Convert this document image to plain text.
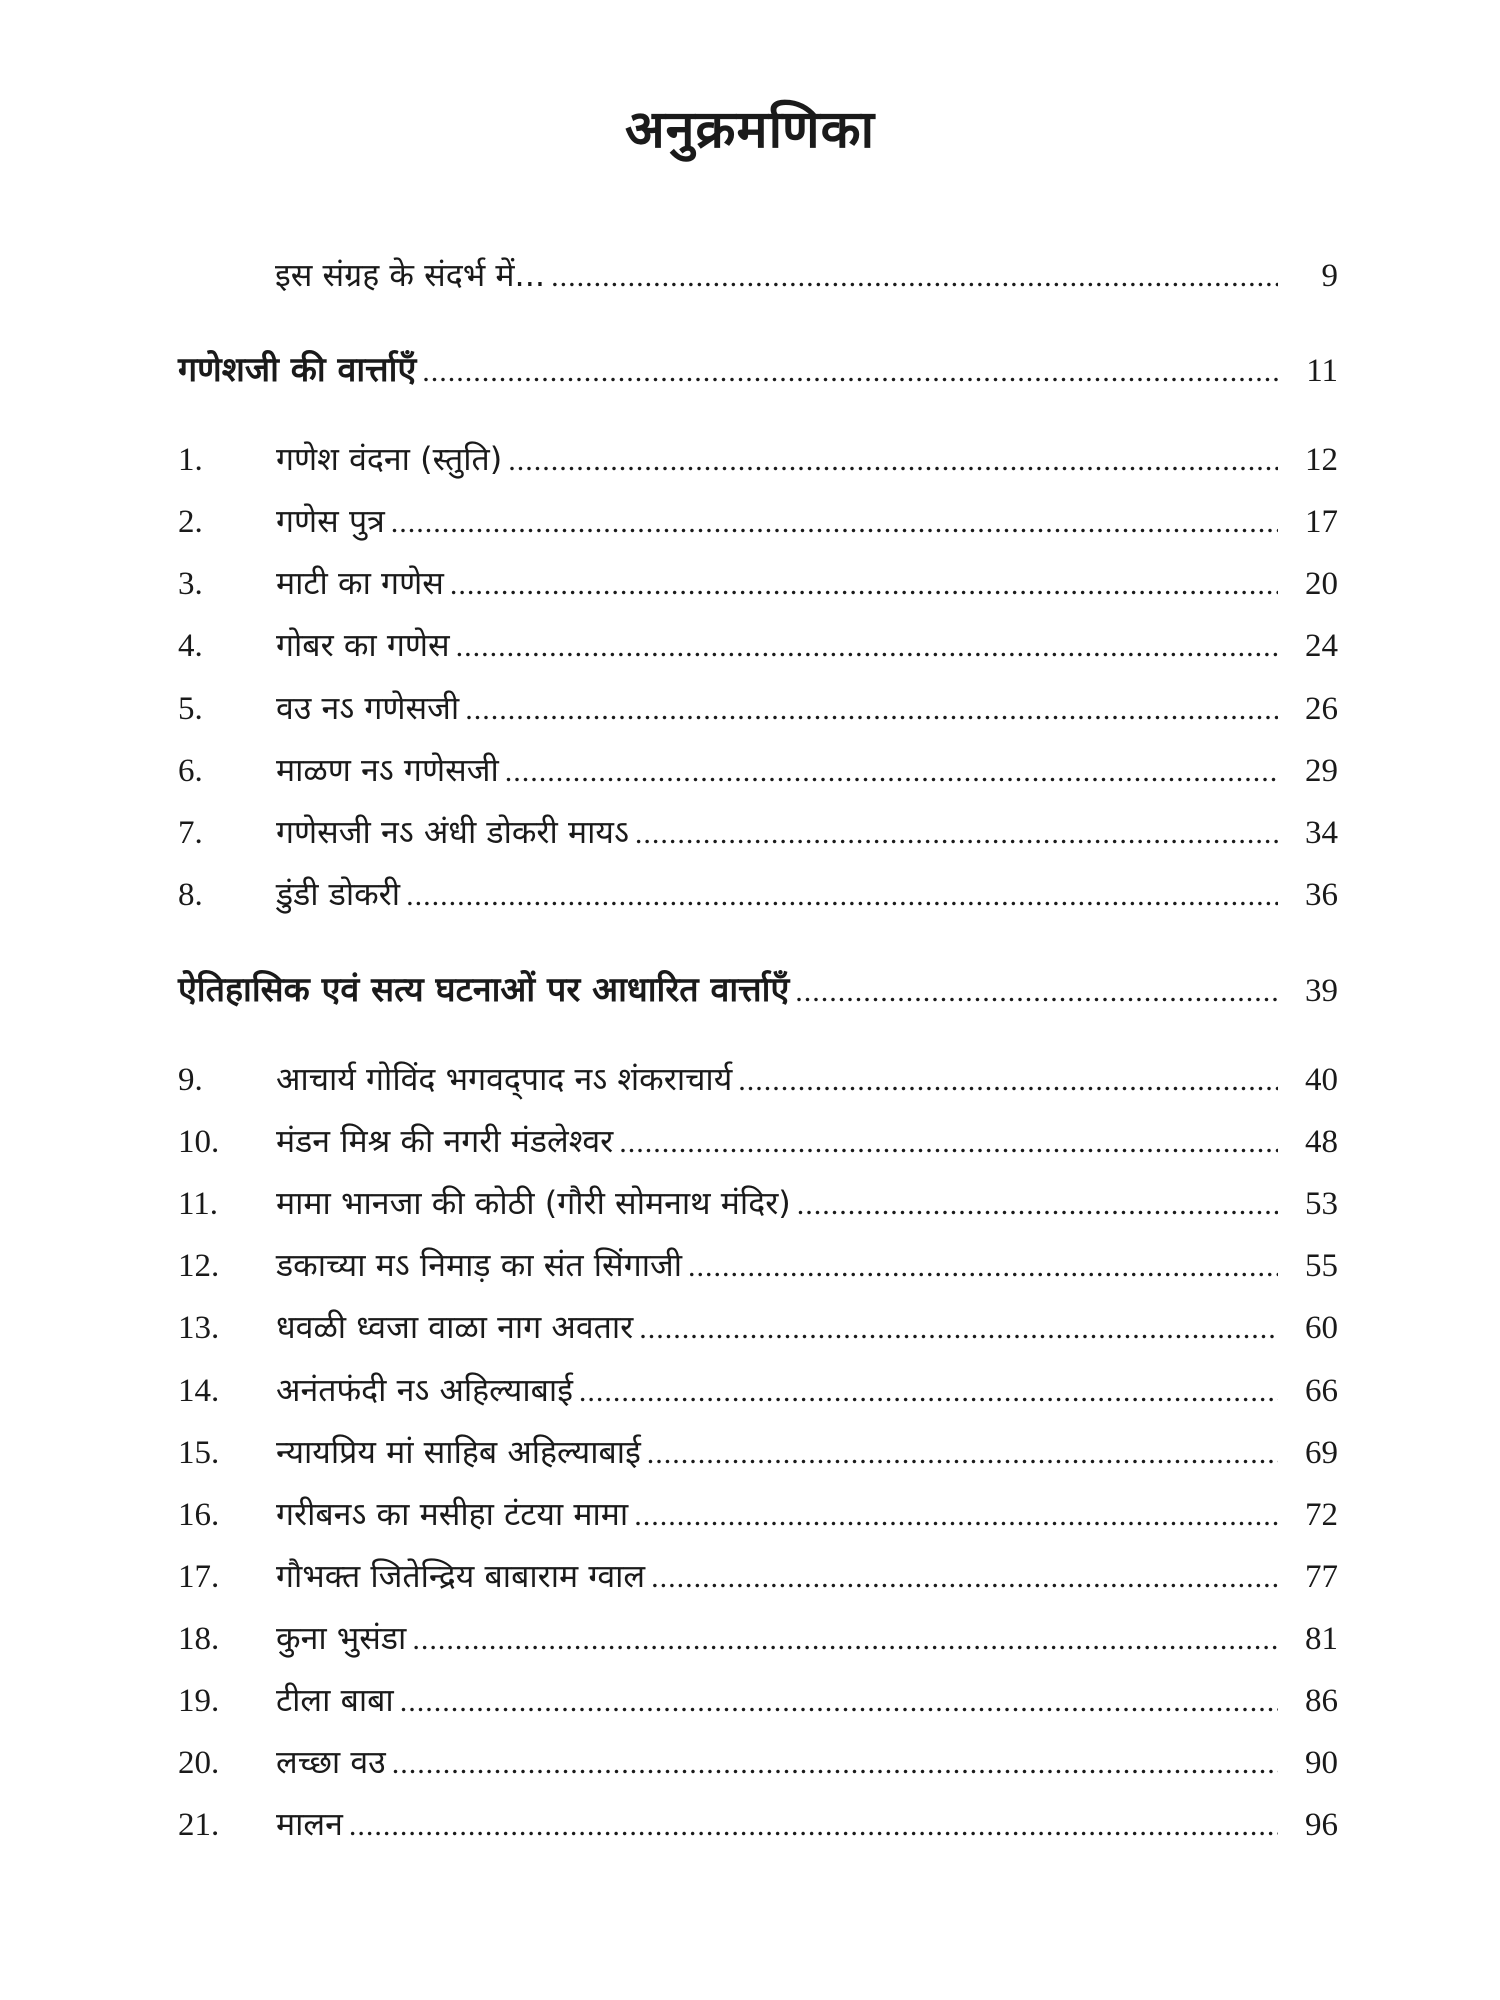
अनुक्रमणिका
इस संग्रह के संदर्भ में... .....	9
गणेशजी की वार्त्ताएँ .....	11
1.	गणेश वंदना (स्तुति) .....	12
2.	गणेस पुत्र .....	17
3.	माटी का गणेस .....	20
4.	गोबर का गणेस .....	24
5.	वउ नऽ गणेसजी .....	26
6.	माळण नऽ गणेसजी .....	29
7.	गणेसजी नऽ अंधी डोकरी मायऽ .....	34
8.	डुंडी डोकरी .....	36
ऐतिहासिक एवं सत्य घटनाओं पर आधारित वार्त्ताएँ .....	39
9.	आचार्य गोविंद भगवद्पाद नऽ शंकराचार्य .....	40
10.	मंडन मिश्र की नगरी मंडलेश्वर .....	48
11.	मामा भानजा की कोठी (गौरी सोमनाथ मंदिर) .....	53
12.	डकाच्या मऽ निमाड़ का संत सिंगाजी .....	55
13.	धवळी ध्वजा वाळा नाग अवतार .....	60
14.	अनंतफंदी नऽ अहिल्याबाई .....	66
15.	न्यायप्रिय मां साहिब अहिल्याबाई .....	69
16.	गरीबनऽ का मसीहा टंटया मामा .....	72
17.	गौभक्त जितेन्द्रिय बाबाराम ग्वाल .....	77
18.	कुना भुसंडा .....	81
19.	टीला बाबा .....	86
20.	लच्छा वउ .....	90
21.	मालन .....	96
